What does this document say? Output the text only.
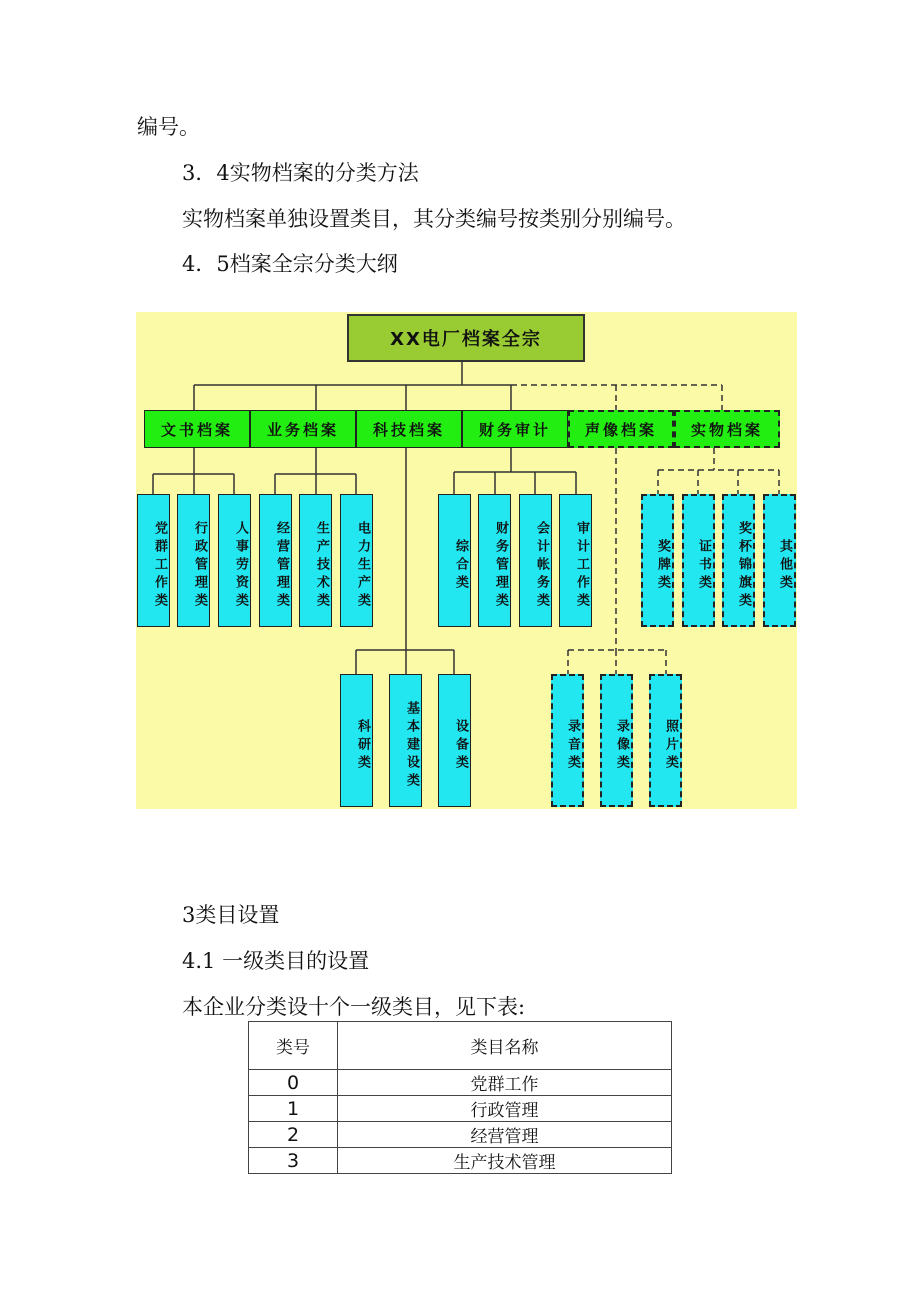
编号。
3．4实物档案的分类方法
实物档案单独设置类目，其分类编号按类别分别编号。
4．5档案全宗分类大纲
XX电厂档案全宗
文书档案	业务档案	科技档案	财务审计	声像档案	实物档案
党群工作类	行政管理类	人事劳资类	经营管理类	生产技术类	电力生产类	综合类	财务管理类	会计帐务类	审计工作类	奖牌类	证书类	奖杯锦旗类	其他类
科研类	基本建设类	设备类	录音类	录像类	照片类
3类目设置
4.1 一级类目的设置
本企业分类设十个一级类目，见下表:
类号	类目名称
0	党群工作
1	行政管理
2	经营管理
3	生产技术管理
